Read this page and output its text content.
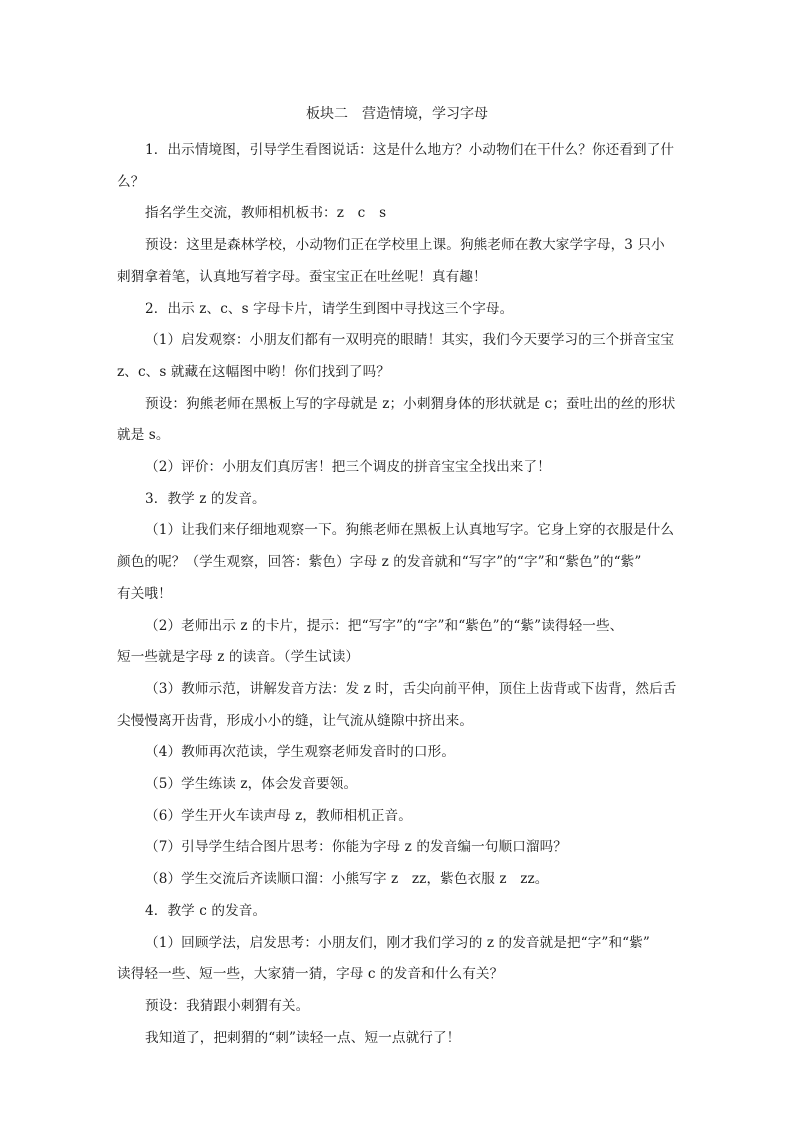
板块二　营造情境，学习字母

1．出示情境图，引导学生看图说话：这是什么地方？小动物们在干什么？你还看到了什
么？

指名学生交流，教师相机板书：z　c　s

预设：这里是森林学校，小动物们正在学校里上课。狗熊老师在教大家学字母，3 只小
刺猬拿着笔，认真地写着字母。蚕宝宝正在吐丝呢！真有趣！

2．出示 z、c、s 字母卡片，请学生到图中寻找这三个字母。

（1）启发观察：小朋友们都有一双明亮的眼睛！其实，我们今天要学习的三个拼音宝宝
z、c、s 就藏在这幅图中哟！你们找到了吗？

预设：狗熊老师在黑板上写的字母就是 z；小刺猬身体的形状就是 c；蚕吐出的丝的形状
就是 s。

（2）评价：小朋友们真厉害！把三个调皮的拼音宝宝全找出来了！

3．教学 z 的发音。

（1）让我们来仔细地观察一下。狗熊老师在黑板上认真地写字。它身上穿的衣服是什么
颜色的呢？（学生观察，回答：紫色）字母 z 的发音就和“写字”的“字”和“紫色”的“紫”
有关哦！

（2）老师出示 z 的卡片，提示：把“写字”的“字”和“紫色”的“紫”读得轻一些、
短一些就是字母 z 的读音。（学生试读）

（3）教师示范，讲解发音方法：发 z 时，舌尖向前平伸，顶住上齿背或下齿背，然后舌
尖慢慢离开齿背，形成小小的缝，让气流从缝隙中挤出来。

（4）教师再次范读，学生观察老师发音时的口形。

（5）学生练读 z，体会发音要领。

（6）学生开火车读声母 z，教师相机正音。

（7）引导学生结合图片思考：你能为字母 z 的发音编一句顺口溜吗？

（8）学生交流后齐读顺口溜：小熊写字 z　zz，紫色衣服 z　zz。

4．教学 c 的发音。

（1）回顾学法，启发思考：小朋友们，刚才我们学习的 z 的发音就是把“字”和“紫”
读得轻一些、短一些，大家猜一猜，字母 c 的发音和什么有关？

预设：我猜跟小刺猬有关。

我知道了，把刺猬的“刺”读轻一点、短一点就行了！
